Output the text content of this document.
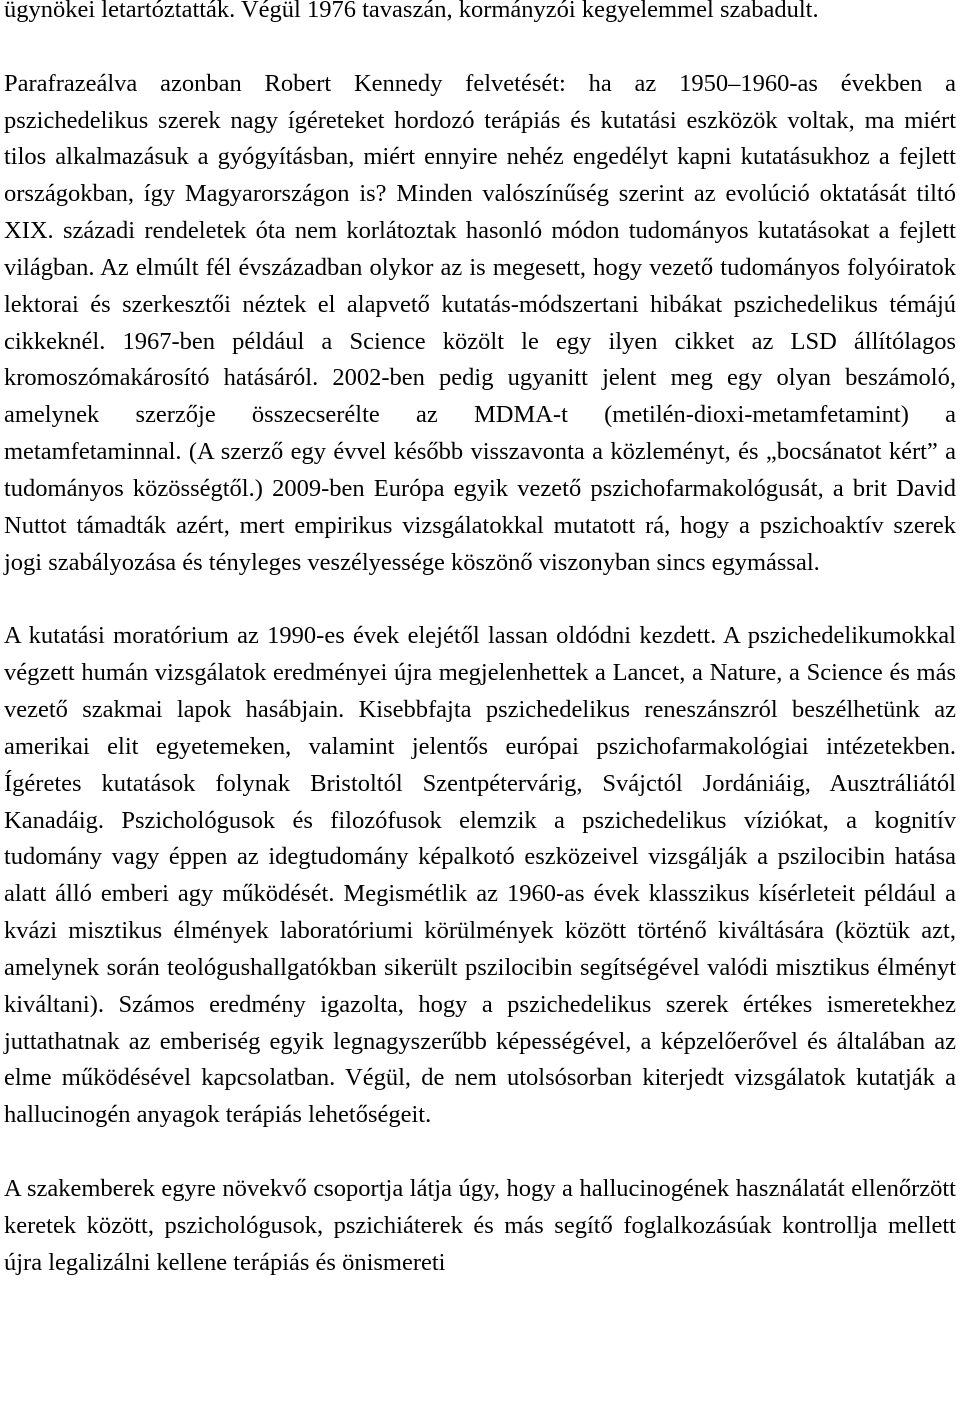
ügynökei letartóztatták. Végül 1976 tavaszán, kormányzói kegyelemmel szabadult.

Parafrazeálva azonban Robert Kennedy felvetését: ha az 1950–1960-as években a pszichedelikus szerek nagy ígéreteket hordozó terápiás és kutatási eszközök voltak, ma miért tilos alkalmazásuk a gyógyításban, miért ennyire nehéz engedélyt kapni kutatásukhoz a fejlett országokban, így Magyarországon is? Minden valószínűség szerint az evolúció oktatását tiltó XIX. századi rendeletek óta nem korlátoztak hasonló módon tudományos kutatásokat a fejlett világban. Az elmúlt fél évszázadban olykor az is megesett, hogy vezető tudományos folyóiratok lektorai és szerkesztői néztek el alapvető kutatás-módszertani hibákat pszichedelikus témájú cikkeknél. 1967-ben például a Science közölt le egy ilyen cikket az LSD állítólagos kromoszómakárosító hatásáról. 2002-ben pedig ugyanitt jelent meg egy olyan beszámoló, amelynek szerzője összecserélte az MDMA-t (metilén-dioxi-metamfetamint) a metamfetaminnal. (A szerző egy évvel később visszavonta a közleményt, és „bocsánatot kért” a tudományos közösségtől.) 2009-ben Európa egyik vezető pszichofarmakológusát, a brit David Nuttot támadták azért, mert empirikus vizsgálatokkal mutatott rá, hogy a pszichoaktív szerek jogi szabályozása és tényleges veszélyessége köszönő viszonyban sincs egymással.

A kutatási moratórium az 1990-es évek elejétől lassan oldódni kezdett. A pszichedelikumokkal végzett humán vizsgálatok eredményei újra megjelenhettek a Lancet, a Nature, a Science és más vezető szakmai lapok hasábjain. Kisebbfajta pszichedelikus reneszánszról beszélhetünk az amerikai elit egyetemeken, valamint jelentős európai pszichofarmakológiai intézetekben. Ígéretes kutatások folynak Bristoltól Szentpétervárig, Svájctól Jordániáig, Ausztráliától Kanadáig. Pszichológusok és filozófusok elemzik a pszichedelikus víziókat, a kognitív tudomány vagy éppen az idegtudomány képalkotó eszközeivel vizsgálják a pszilocibin hatása alatt álló emberi agy működését. Megismétlik az 1960-as évek klasszikus kísérleteit például a kvázi misztikus élmények laboratóriumi körülmények között történő kiváltására (köztük azt, amelynek során teológushallgatókban sikerült pszilocibin segítségével valódi misztikus élményt kiváltani). Számos eredmény igazolta, hogy a pszichedelikus szerek értékes ismeretekhez juttathatnak az emberiség egyik legnagyszerűbb képességével, a képzelőerővel és általában az elme működésével kapcsolatban. Végül, de nem utolsósorban kiterjedt vizsgálatok kutatják a hallucinogén anyagok terápiás lehetőségeit.

A szakemberek egyre növekvő csoportja látja úgy, hogy a hallucinogének használatát ellenőrzött keretek között, pszichológusok, pszichiáterek és más segítő foglalkozásúak kontrollja mellett újra legalizálni kellene terápiás és önismereti
